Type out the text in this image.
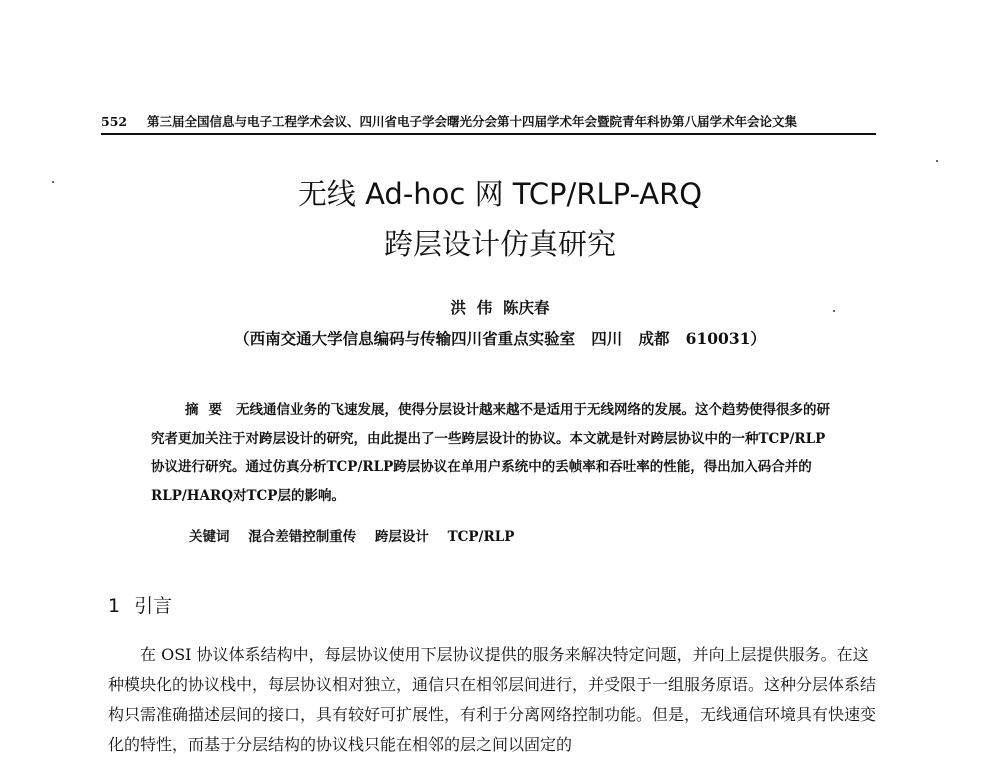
552 第三届全国信息与电子工程学术会议、四川省电子学会曙光分会第十四届学术年会暨院青年科协第八届学术年会论文集
无线 Ad-hoc 网 TCP/RLP-ARQ
跨层设计仿真研究
洪  伟  陈庆春
（西南交通大学信息编码与传输四川省重点实验室   四川   成都   610031）
摘要 无线通信业务的飞速发展，使得分层设计越来越不是适用于无线网络的发展。这个趋势使得很多的研究者更加关注于对跨层设计的研究，由此提出了一些跨层设计的协议。本文就是针对跨层协议中的一种TCP/RLP协议进行研究。通过仿真分析TCP/RLP跨层协议在单用户系统中的丢帧率和吞吐率的性能，得出加入码合并的RLP/HARQ对TCP层的影响。
关键词 混合差错控制重传 跨层设计 TCP/RLP
1 引言
在 OSI 协议体系结构中，每层协议使用下层协议提供的服务来解决特定问题，并向上层提供服务。在这种模块化的协议栈中，每层协议相对独立，通信只在相邻层间进行，并受限于一组服务原语。这种分层体系结构只需准确描述层间的接口，具有较好可扩展性，有利于分离网络控制功能。但是，无线通信环境具有快速变化的特性，而基于分层结构的协议栈只能在相邻的层之间以固定的
